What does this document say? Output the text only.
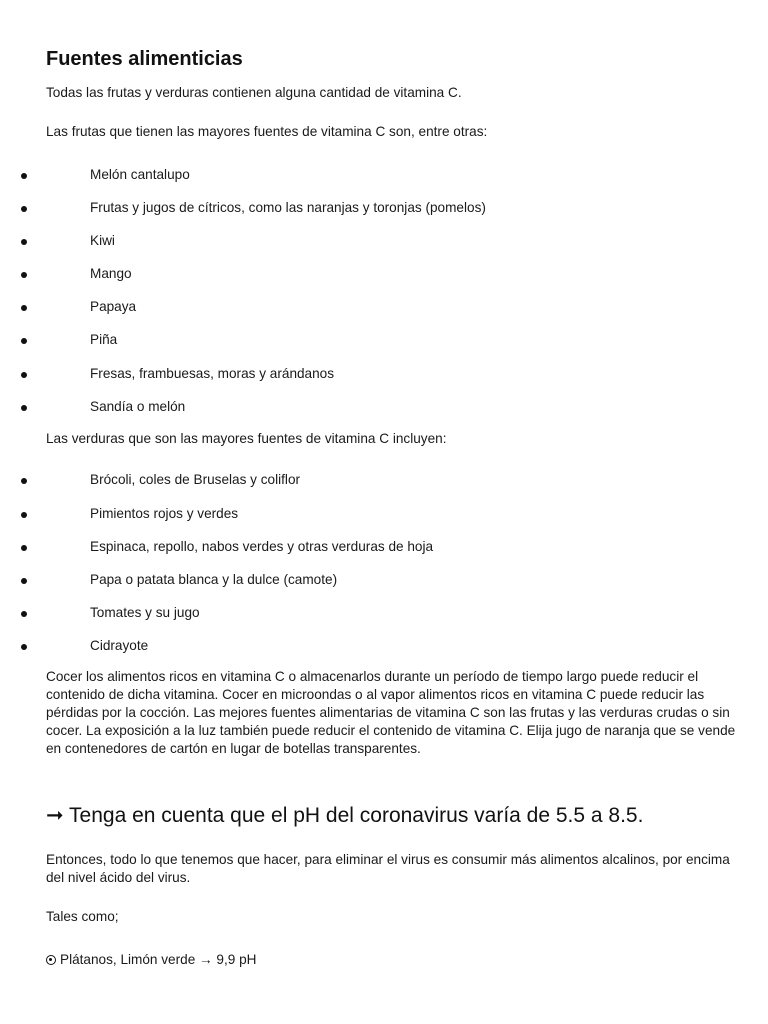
Fuentes alimenticias

Todas las frutas y verduras contienen alguna cantidad de vitamina C.

Las frutas que tienen las mayores fuentes de vitamina C son, entre otras:

Melón cantalupo
Frutas y jugos de cítricos, como las naranjas y toronjas (pomelos)
Kiwi
Mango
Papaya
Piña
Fresas, frambuesas, moras y arándanos
Sandía o melón

Las verduras que son las mayores fuentes de vitamina C incluyen:

Brócoli, coles de Bruselas y coliflor
Pimientos rojos y verdes
Espinaca, repollo, nabos verdes y otras verduras de hoja
Papa o patata blanca y la dulce (camote)
Tomates y su jugo
Cidrayote

Cocer los alimentos ricos en vitamina C o almacenarlos durante un período de tiempo largo puede reducir el contenido de dicha vitamina. Cocer en microondas o al vapor alimentos ricos en vitamina C puede reducir las pérdidas por la cocción. Las mejores fuentes alimentarias de vitamina C son las frutas y las verduras crudas o sin cocer. La exposición a la luz también puede reducir el contenido de vitamina C. Elija jugo de naranja que se vende en contenedores de cartón en lugar de botellas transparentes.

➞ Tenga en cuenta que el pH del coronavirus varía de 5.5 a 8.5.

Entonces, todo lo que tenemos que hacer, para eliminar el virus es consumir más alimentos alcalinos, por encima del nivel ácido del virus.

Tales como;

Plátanos, Limón verde → 9,9 pH
